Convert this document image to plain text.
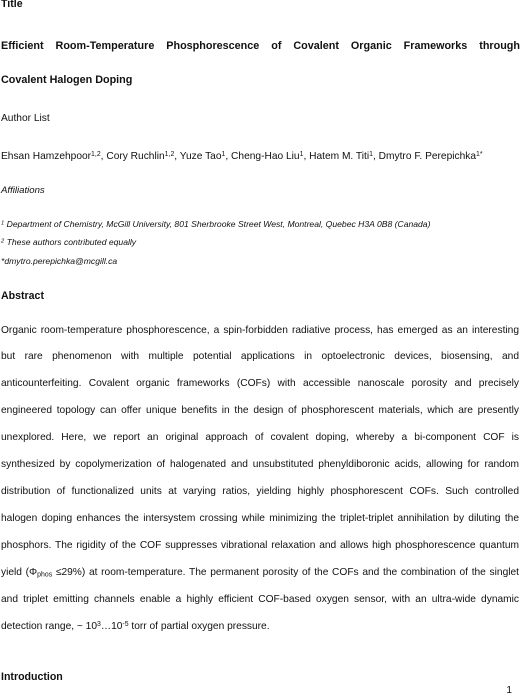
Title
Efficient Room-Temperature Phosphorescence of Covalent Organic Frameworks through
Covalent Halogen Doping
Author List
Ehsan Hamzehpoor$^{1,2}$, Cory Ruchlin$^{1,2}$, Yuze Tao$^1$, Cheng-Hao Liu$^1$, Hatem M. Titi$^1$, Dmytro F. Perepichka$^{1*}$
Affiliations
$^1$ Department of Chemistry, McGill University, 801 Sherbrooke Street West, Montreal, Quebec H3A 0B8 (Canada)
$^2$ These authors contributed equally
*dmytro.perepichka@mcgill.ca
Abstract
Organic room-temperature phosphorescence, a spin-forbidden radiative process, has emerged as an interesting
but rare phenomenon with multiple potential applications in optoelectronic devices, biosensing, and
anticounterfeiting. Covalent organic frameworks (COFs) with accessible nanoscale porosity and precisely
engineered topology can offer unique benefits in the design of phosphorescent materials, which are presently
unexplored. Here, we report an original approach of covalent doping, whereby a bi-component COF is
synthesized by copolymerization of halogenated and unsubstituted phenyldiboronic acids, allowing for random
distribution of functionalized units at varying ratios, yielding highly phosphorescent COFs. Such controlled
halogen doping enhances the intersystem crossing while minimizing the triplet-triplet annihilation by diluting the
phosphors. The rigidity of the COF suppresses vibrational relaxation and allows high phosphorescence quantum
yield $(\Phi_{phos} \le 29\%)$ at room-temperature. The permanent porosity of the COFs and the combination of the singlet
and triplet emitting channels enable a highly efficient COF-based oxygen sensor, with an ultra-wide dynamic
detection range, ~ $10^3\dots 10^{-5}$ torr of partial oxygen pressure.
Introduction
1
